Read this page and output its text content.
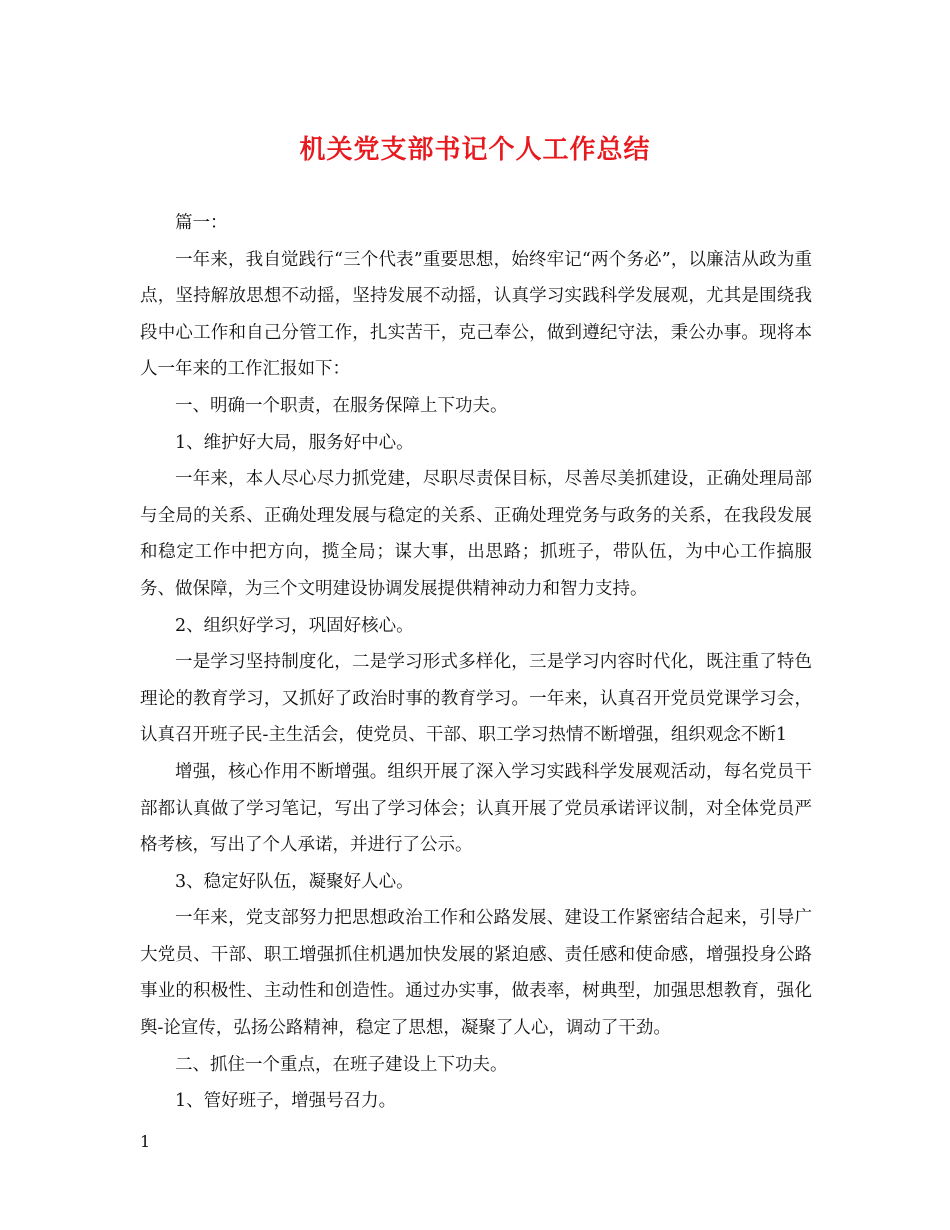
机关党支部书记个人工作总结

篇一：

一年来，我自觉践行“三个代表”重要思想，始终牢记“两个务必”，以廉洁从政为重点，坚持解放思想不动摇，坚持发展不动摇，认真学习实践科学发展观，尤其是围绕我段中心工作和自己分管工作，扎实苦干，克己奉公，做到遵纪守法，秉公办事。现将本人一年来的工作汇报如下：

一、明确一个职责，在服务保障上下功夫。

1、维护好大局，服务好中心。

一年来，本人尽心尽力抓党建，尽职尽责保目标，尽善尽美抓建设，正确处理局部与全局的关系、正确处理发展与稳定的关系、正确处理党务与政务的关系，在我段发展和稳定工作中把方向，揽全局；谋大事，出思路；抓班子，带队伍，为中心工作搞服务、做保障，为三个文明建设协调发展提供精神动力和智力支持。

2、组织好学习，巩固好核心。

一是学习坚持制度化，二是学习形式多样化，三是学习内容时代化，既注重了特色理论的教育学习，又抓好了政治时事的教育学习。一年来，认真召开党员党课学习会，认真召开班子民-主生活会，使党员、干部、职工学习热情不断增强，组织观念不断1

增强，核心作用不断增强。组织开展了深入学习实践科学发展观活动，每名党员干部都认真做了学习笔记，写出了学习体会；认真开展了党员承诺评议制，对全体党员严格考核，写出了个人承诺，并进行了公示。

3、稳定好队伍，凝聚好人心。

一年来，党支部努力把思想政治工作和公路发展、建设工作紧密结合起来，引导广大党员、干部、职工增强抓住机遇加快发展的紧迫感、责任感和使命感，增强投身公路事业的积极性、主动性和创造性。通过办实事，做表率，树典型，加强思想教育，强化舆-论宣传，弘扬公路精神，稳定了思想，凝聚了人心，调动了干劲。

二、抓住一个重点，在班子建设上下功夫。

1、管好班子，增强号召力。

1
